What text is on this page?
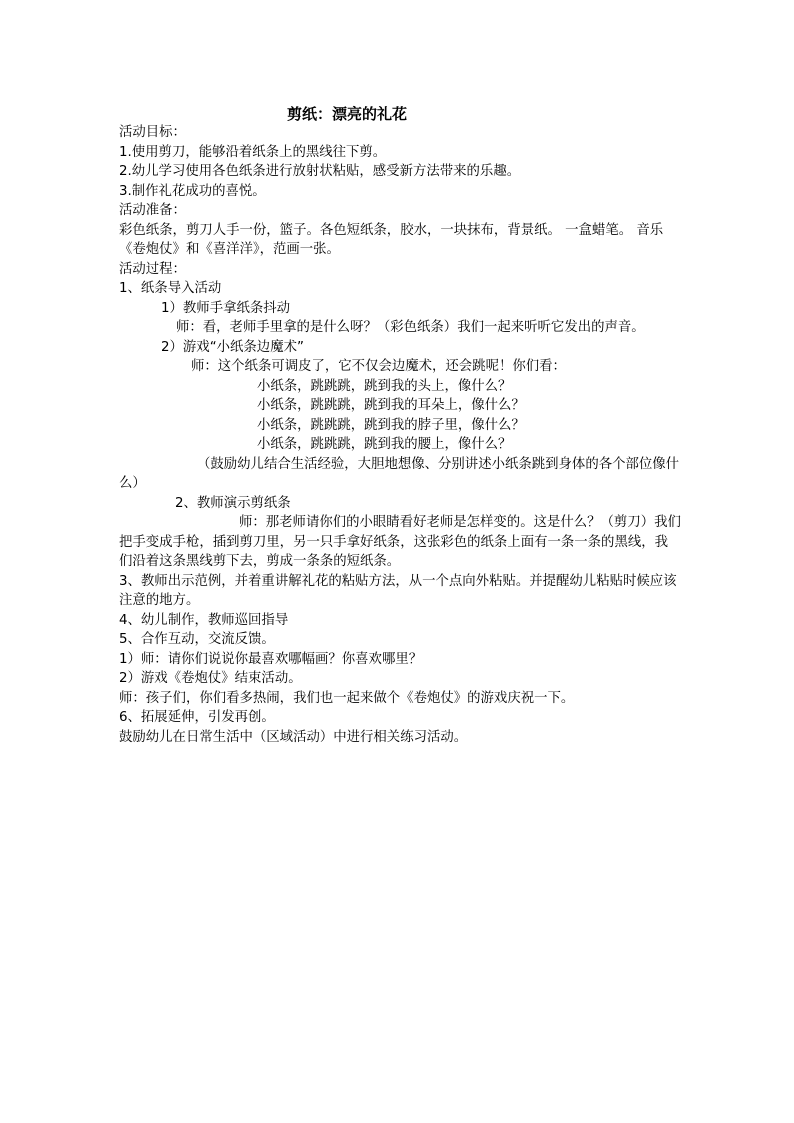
剪纸：漂亮的礼花
活动目标：
1.使用剪刀，能够沿着纸条上的黑线往下剪。
2.幼儿学习使用各色纸条进行放射状粘贴，感受新方法带来的乐趣。
3.制作礼花成功的喜悦。
活动准备：
彩色纸条，剪刀人手一份，篮子。各色短纸条，胶水，一块抹布，背景纸。 一盒蜡笔。 音乐《卷炮仗》和《喜洋洋》，范画一张。
活动过程：
1、纸条导入活动
1）教师手拿纸条抖动
师：看，老师手里拿的是什么呀？（彩色纸条）我们一起来听听它发出的声音。
2）游戏“小纸条边魔术”
师：这个纸条可调皮了，它不仅会边魔术，还会跳呢！你们看：
小纸条，跳跳跳，跳到我的头上，像什么？
小纸条，跳跳跳，跳到我的耳朵上，像什么？
小纸条，跳跳跳，跳到我的脖子里，像什么？
小纸条，跳跳跳，跳到我的腰上，像什么？
（鼓励幼儿结合生活经验，大胆地想像、分别讲述小纸条跳到身体的各个部位像什么）
2、教师演示剪纸条
师：那老师请你们的小眼睛看好老师是怎样变的。这是什么？（剪刀）我们把手变成手枪，插到剪刀里，另一只手拿好纸条，这张彩色的纸条上面有一条一条的黑线，我们沿着这条黑线剪下去，剪成一条条的短纸条。
3、教师出示范例，并着重讲解礼花的粘贴方法，从一个点向外粘贴。并提醒幼儿粘贴时候应该注意的地方。
4、幼儿制作，教师巡回指导
5、合作互动，交流反馈。
1）师：请你们说说你最喜欢哪幅画？你喜欢哪里？
2）游戏《卷炮仗》结束活动。
师：孩子们，你们看多热闹，我们也一起来做个《卷炮仗》的游戏庆祝一下。
6、拓展延伸，引发再创。
鼓励幼儿在日常生活中（区域活动）中进行相关练习活动。
